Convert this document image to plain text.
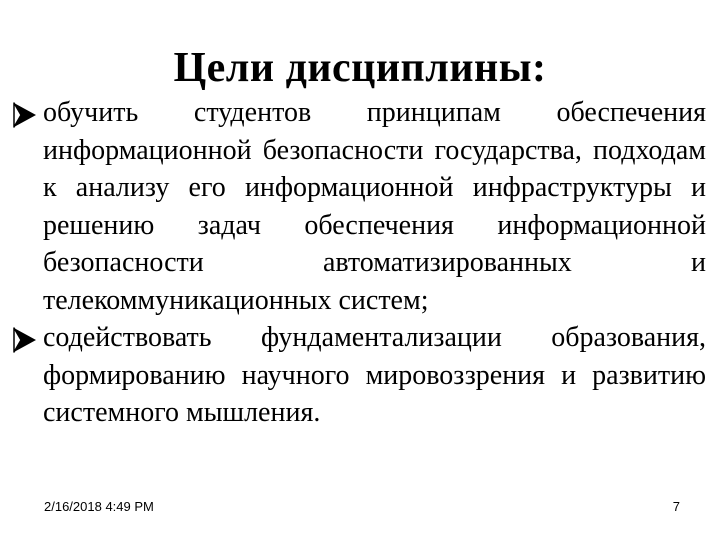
Цели дисциплины:
обучить студентов принципам обеспечения информационной безопасности государства, подходам к анализу его информационной инфраструктуры и решению задач обеспечения информационной безопасности автоматизированных и телекоммуникационных систем;
содействовать фундаментализации образования, формированию научного мировоззрения и развитию системного мышления.
2/16/2018 4:49 PM	7
